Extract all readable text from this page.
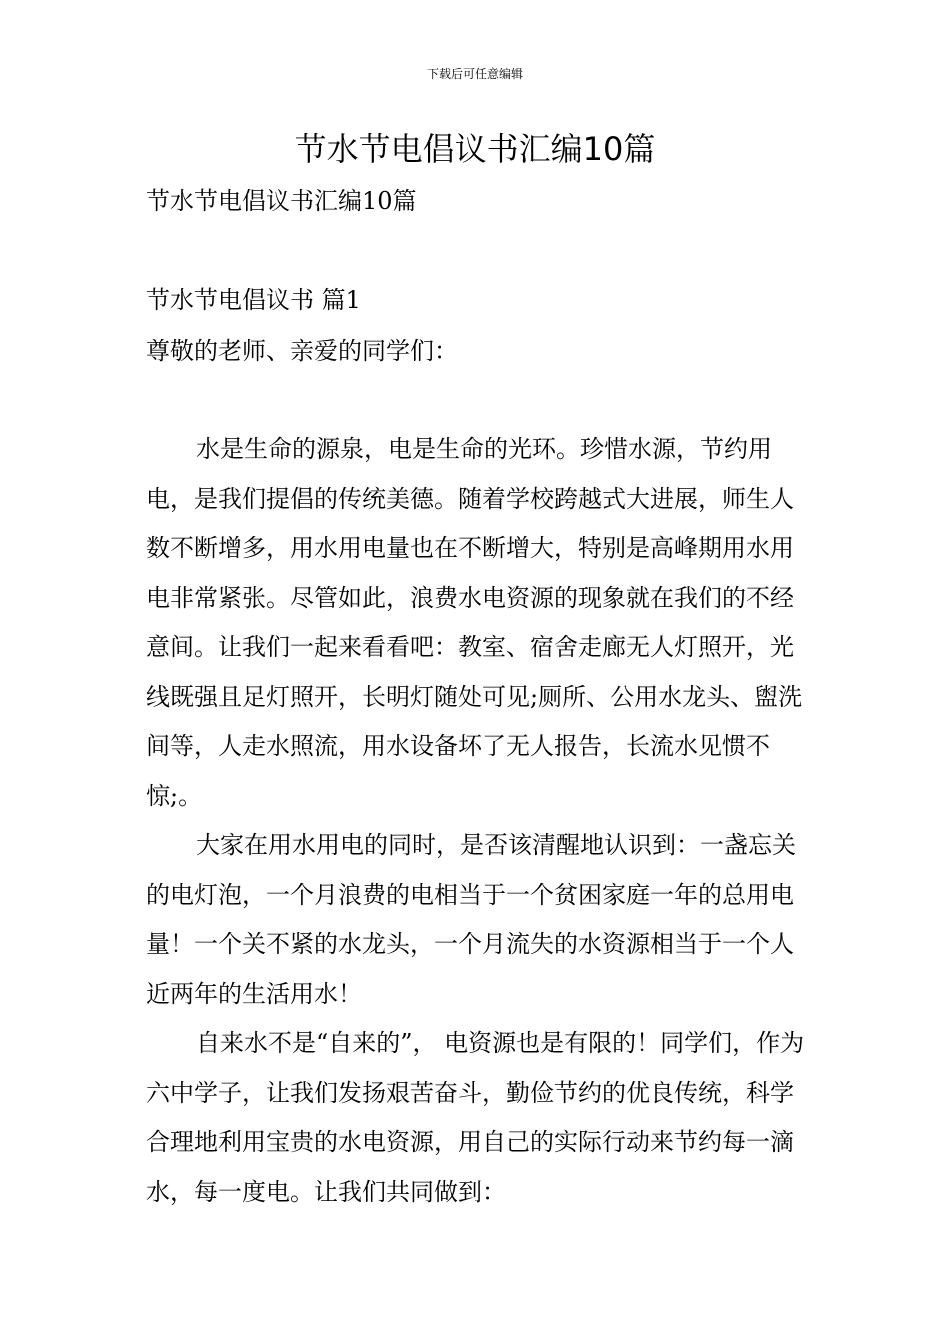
下载后可任意编辑
节水节电倡议书汇编10篇
节水节电倡议书汇编10篇
节水节电倡议书 篇1
尊敬的老师、亲爱的同学们：

水是生命的源泉，电是生命的光环。珍惜水源，节约用电，是我们提倡的传统美德。随着学校跨越式大进展，师生人数不断增多，用水用电量也在不断增大，特别是高峰期用水用电非常紧张。尽管如此，浪费水电资源的现象就在我们的不经意间。让我们一起来看看吧：教室、宿舍走廊无人灯照开，光线既强且足灯照开，长明灯随处可见;厕所、公用水龙头、盥洗间等，人走水照流，用水设备坏了无人报告，长流水见惯不惊;。

大家在用水用电的同时，是否该清醒地认识到：一盏忘关的电灯泡，一个月浪费的电相当于一个贫困家庭一年的总用电量！一个关不紧的水龙头，一个月流失的水资源相当于一个人近两年的生活用水！

自来水不是“自来的”， 电资源也是有限的！同学们，作为六中学子，让我们发扬艰苦奋斗，勤俭节约的优良传统，科学合理地利用宝贵的水电资源，用自己的实际行动来节约每一滴水，每一度电。让我们共同做到：
